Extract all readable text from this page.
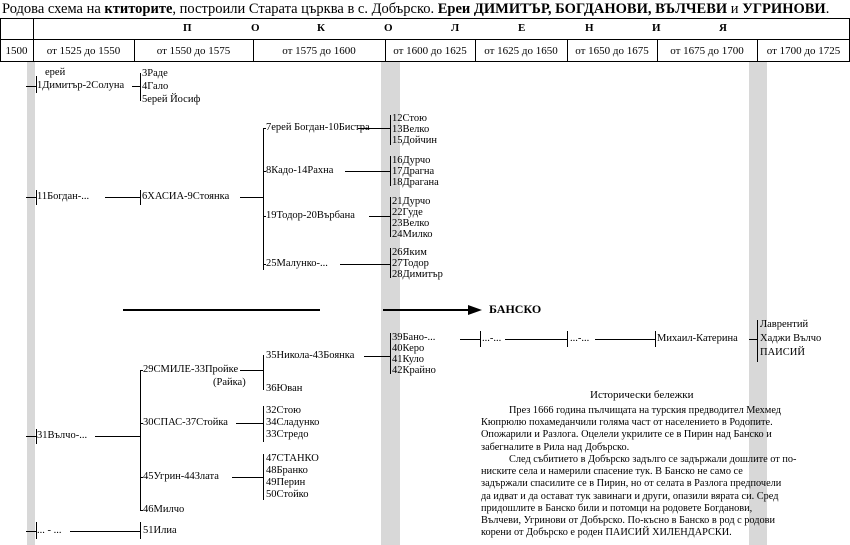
Родова схема на ктиторите, построили Старата църква в с. Добърско. Ереи ДИМИТЪР, БОГДАНОВИ, ВЪЛЧЕВИ и УГРИНОВИ.
П	О	К	О	Л	Е	Н	И	Я
1500	от 1525 до 1550	от 1550 до 1575	от 1575 до 1600	от 1600 до 1625	от 1625 до 1650	от 1650 до 1675	от 1675 до 1700	от 1700 до 1725
ерей
1Димитър-2Солуна
3Раде
4Гало
5ерей Йосиф
7ерей Богдан-10Бистра
12Стою
13Велко
15Дойчин
8Кадо-14Рахна
16Дурчо
17Драгна
18Драгана
11Богдан-...	6ХАСИА-9Стоянка
19Тодор-20Върбана
21Дурчо
22Гуде
23Велко
24Милко
25Малунко-...
26Яким
27Тодор
28Димитър
БАНСКО
39Бано-...
40Керо
41Куло
42Крайно
...-...	...-...	Михаил-Катерина
Лаврентий
Хаджи Вълчо
ПАИСИЙ
35Никола-43Боянка
29СМИЛЕ-33Пройке
(Райка)
36Юван
31Вълчо-...
30СПАС-37Стойка
32Стою
34Сладунко
33Стредо
45Угрин-44Злата
47СТАНКО
48Бранко
49Перин
50Стойко
46Милчо
... - ...	51Илиа
Исторически бележки
През 1666 година пълчищата на турския предводител Мехмед
Кюпрюлю похамеданчили голяма част от населението в Родопите.
Опожарили и Разлога. Оцелели укрилите се в Пирин над Банско и
забегналите в Рила над Добърско.
След събитието в Добърско задълго се задържали дошлите от по-
ниските села и намерили спасение тук. В Банско не само се
задържали спасилите се в Пирин, но от селата в Разлога предпочели
да идват и да остават тук завинаги и други, опазили вярата си. Сред
придошлите в Банско били и потомци на родовете Богданови,
Вълчеви, Угринови от Добърско. По-късно в Банско в род с родови
корени от Добърско е роден ПАИСИЙ ХИЛЕНДАРСКИ.
